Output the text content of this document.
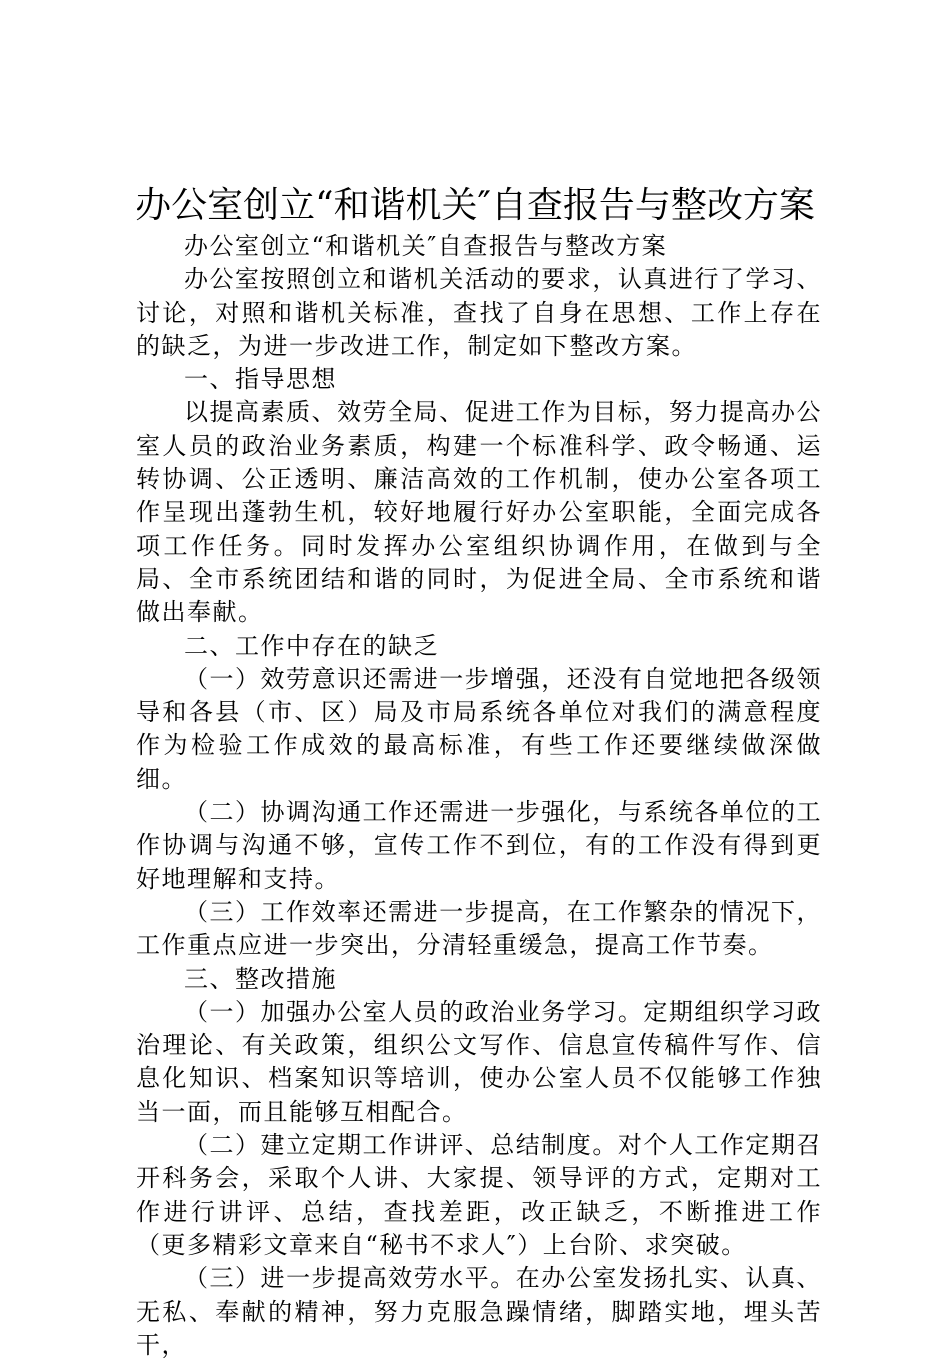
办公室创立“和谐机关″自查报告与整改方案

办公室创立“和谐机关″自查报告与整改方案

办公室按照创立和谐机关活动的要求，认真进行了学习、讨论，对照和谐机关标准，查找了自身在思想、工作上存在的缺乏，为进一步改进工作，制定如下整改方案。

一、指导思想

以提高素质、效劳全局、促进工作为目标，努力提高办公室人员的政治业务素质，构建一个标准科学、政令畅通、运转协调、公正透明、廉洁高效的工作机制，使办公室各项工作呈现出蓬勃生机，较好地履行好办公室职能，全面完成各项工作任务。同时发挥办公室组织协调作用，在做到与全局、全市系统团结和谐的同时，为促进全局、全市系统和谐做出奉献。

二、工作中存在的缺乏

（一）效劳意识还需进一步增强，还没有自觉地把各级领导和各县（市、区）局及市局系统各单位对我们的满意程度作为检验工作成效的最高标准，有些工作还要继续做深做细。

（二）协调沟通工作还需进一步强化，与系统各单位的工作协调与沟通不够，宣传工作不到位，有的工作没有得到更好地理解和支持。

（三）工作效率还需进一步提高，在工作繁杂的情况下，工作重点应进一步突出，分清轻重缓急，提高工作节奏。

三、整改措施

（一）加强办公室人员的政治业务学习。定期组织学习政治理论、有关政策，组织公文写作、信息宣传稿件写作、信息化知识、档案知识等培训，使办公室人员不仅能够工作独当一面，而且能够互相配合。

（二）建立定期工作讲评、总结制度。对个人工作定期召开科务会，采取个人讲、大家提、领导评的方式，定期对工作进行讲评、总结，查找差距，改正缺乏，不断推进工作（更多精彩文章来自“秘书不求人″）上台阶、求突破。

（三）进一步提高效劳水平。在办公室发扬扎实、认真、无私、奉献的精神，努力克服急躁情绪，脚踏实地，埋头苦干，
